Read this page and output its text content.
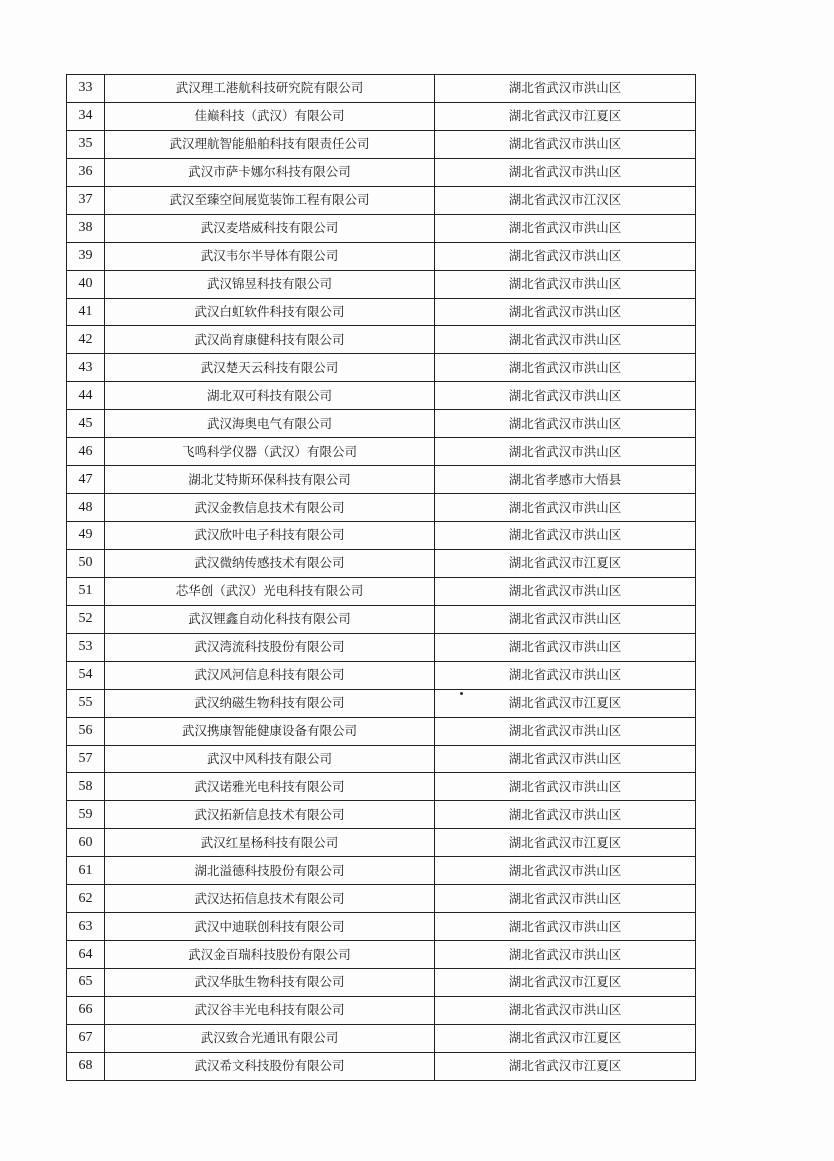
33	武汉理工港航科技研究院有限公司	湖北省武汉市洪山区
34	佳巅科技（武汉）有限公司	湖北省武汉市江夏区
35	武汉理航智能船舶科技有限责任公司	湖北省武汉市洪山区
36	武汉市萨卡娜尔科技有限公司	湖北省武汉市洪山区
37	武汉至臻空间展览装饰工程有限公司	湖北省武汉市江汉区
38	武汉麦塔威科技有限公司	湖北省武汉市洪山区
39	武汉韦尔半导体有限公司	湖北省武汉市洪山区
40	武汉锦昱科技有限公司	湖北省武汉市洪山区
41	武汉白虹软件科技有限公司	湖北省武汉市洪山区
42	武汉尚育康健科技有限公司	湖北省武汉市洪山区
43	武汉楚天云科技有限公司	湖北省武汉市洪山区
44	湖北双可科技有限公司	湖北省武汉市洪山区
45	武汉海奥电气有限公司	湖北省武汉市洪山区
46	飞鸣科学仪器（武汉）有限公司	湖北省武汉市洪山区
47	湖北艾特斯环保科技有限公司	湖北省孝感市大悟县
48	武汉金教信息技术有限公司	湖北省武汉市洪山区
49	武汉欣叶电子科技有限公司	湖北省武汉市洪山区
50	武汉微纳传感技术有限公司	湖北省武汉市江夏区
51	芯华创（武汉）光电科技有限公司	湖北省武汉市洪山区
52	武汉锂鑫自动化科技有限公司	湖北省武汉市洪山区
53	武汉湾流科技股份有限公司	湖北省武汉市洪山区
54	武汉风河信息科技有限公司	湖北省武汉市洪山区
55	武汉纳磁生物科技有限公司	湖北省武汉市江夏区
56	武汉携康智能健康设备有限公司	湖北省武汉市洪山区
57	武汉中风科技有限公司	湖北省武汉市洪山区
58	武汉诺雅光电科技有限公司	湖北省武汉市洪山区
59	武汉拓新信息技术有限公司	湖北省武汉市洪山区
60	武汉红星杨科技有限公司	湖北省武汉市江夏区
61	湖北溢德科技股份有限公司	湖北省武汉市洪山区
62	武汉达拓信息技术有限公司	湖北省武汉市洪山区
63	武汉中迪联创科技有限公司	湖北省武汉市洪山区
64	武汉金百瑞科技股份有限公司	湖北省武汉市洪山区
65	武汉华肽生物科技有限公司	湖北省武汉市江夏区
66	武汉谷丰光电科技有限公司	湖北省武汉市洪山区
67	武汉致合光通讯有限公司	湖北省武汉市江夏区
68	武汉希文科技股份有限公司	湖北省武汉市江夏区
